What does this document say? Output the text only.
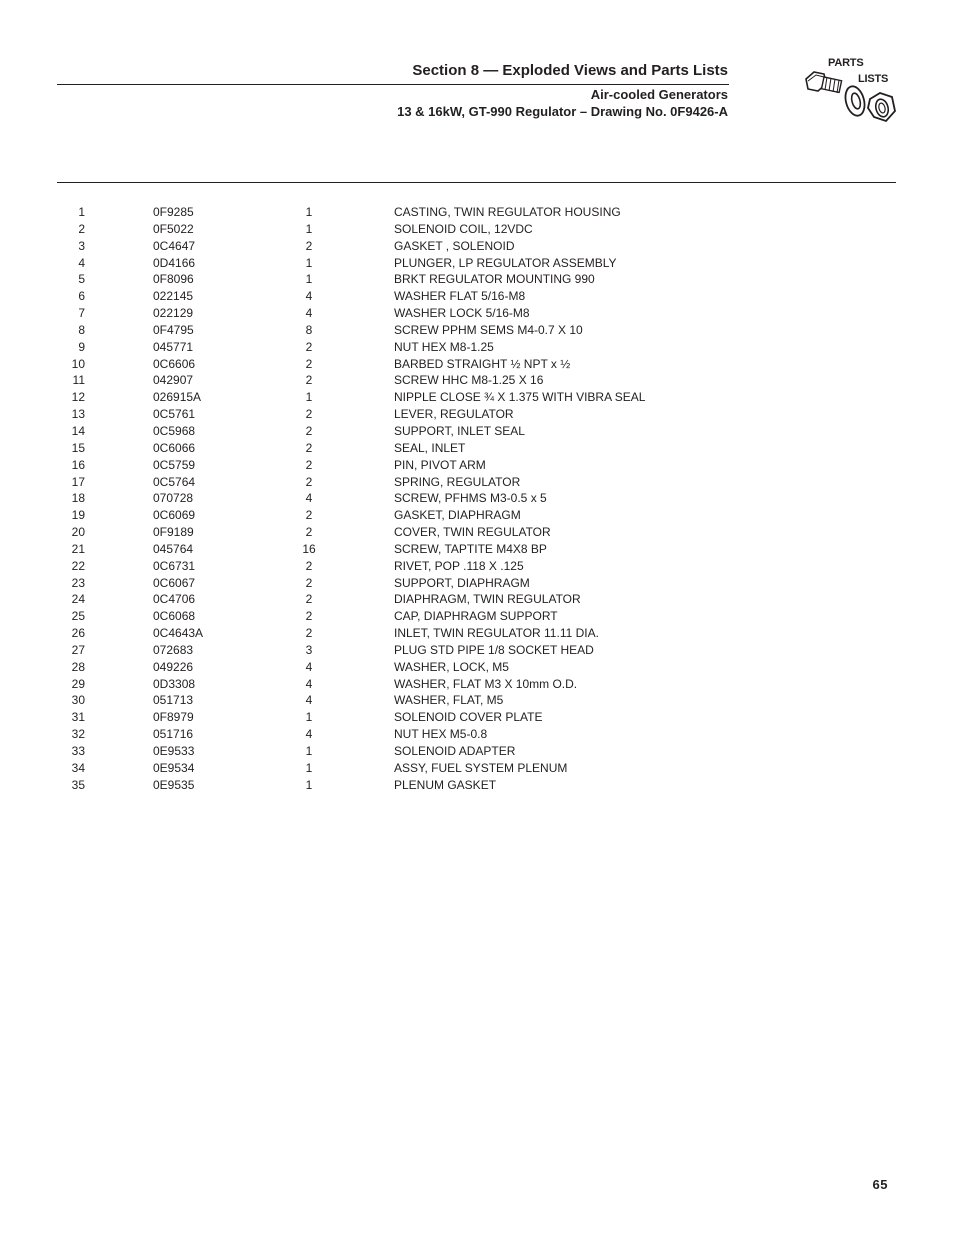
Section 8 — Exploded Views and Parts Lists
Air-cooled Generators
13 & 16kW, GT-990 Regulator – Drawing No. 0F9426-A
PARTS
LISTS
1	0F9285	1	CASTING, TWIN REGULATOR HOUSING
2	0F5022	1	SOLENOID COIL, 12VDC
3	0C4647	2	GASKET , SOLENOID
4	0D4166	1	PLUNGER, LP REGULATOR ASSEMBLY
5	0F8096	1	BRKT REGULATOR MOUNTING 990
6	022145	4	WASHER FLAT 5/16-M8
7	022129	4	WASHER LOCK 5/16-M8
8	0F4795	8	SCREW PPHM SEMS M4-0.7 X 10
9	045771	2	NUT HEX M8-1.25
10	0C6606	2	BARBED STRAIGHT ½ NPT x ½
11	042907	2	SCREW HHC M8-1.25 X 16
12	026915A	1	NIPPLE CLOSE ¾ X 1.375 WITH VIBRA SEAL
13	0C5761	2	LEVER, REGULATOR
14	0C5968	2	SUPPORT, INLET SEAL
15	0C6066	2	SEAL, INLET
16	0C5759	2	PIN, PIVOT ARM
17	0C5764	2	SPRING, REGULATOR
18	070728	4	SCREW, PFHMS M3-0.5 x 5
19	0C6069	2	GASKET, DIAPHRAGM
20	0F9189	2	COVER, TWIN REGULATOR
21	045764	16	SCREW, TAPTITE M4X8 BP
22	0C6731	2	RIVET, POP .118 X .125
23	0C6067	2	SUPPORT, DIAPHRAGM
24	0C4706	2	DIAPHRAGM, TWIN REGULATOR
25	0C6068	2	CAP, DIAPHRAGM SUPPORT
26	0C4643A	2	INLET, TWIN REGULATOR 11.11 DIA.
27	072683	3	PLUG STD PIPE 1/8 SOCKET HEAD
28	049226	4	WASHER, LOCK, M5
29	0D3308	4	WASHER, FLAT M3 X 10mm O.D.
30	051713	4	WASHER, FLAT, M5
31	0F8979	1	SOLENOID COVER PLATE
32	051716	4	NUT HEX M5-0.8
33	0E9533	1	SOLENOID ADAPTER
34	0E9534	1	ASSY, FUEL SYSTEM PLENUM
35	0E9535	1	PLENUM GASKET
65
